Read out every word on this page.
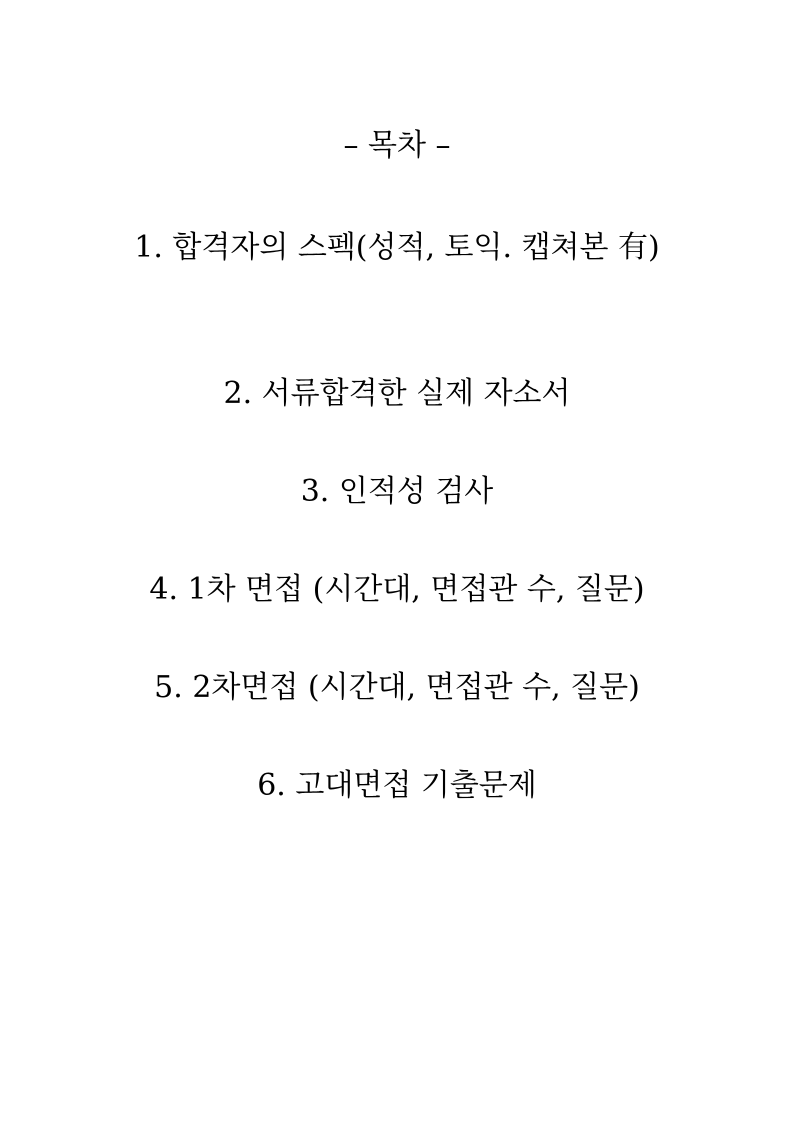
– 목차 –
1. 합격자의 스펙(성적, 토익. 캡쳐본 有)
2. 서류합격한 실제 자소서
3. 인적성 검사
4. 1차 면접 (시간대, 면접관 수, 질문)
5. 2차면접 (시간대, 면접관 수, 질문)
6. 고대면접 기출문제
